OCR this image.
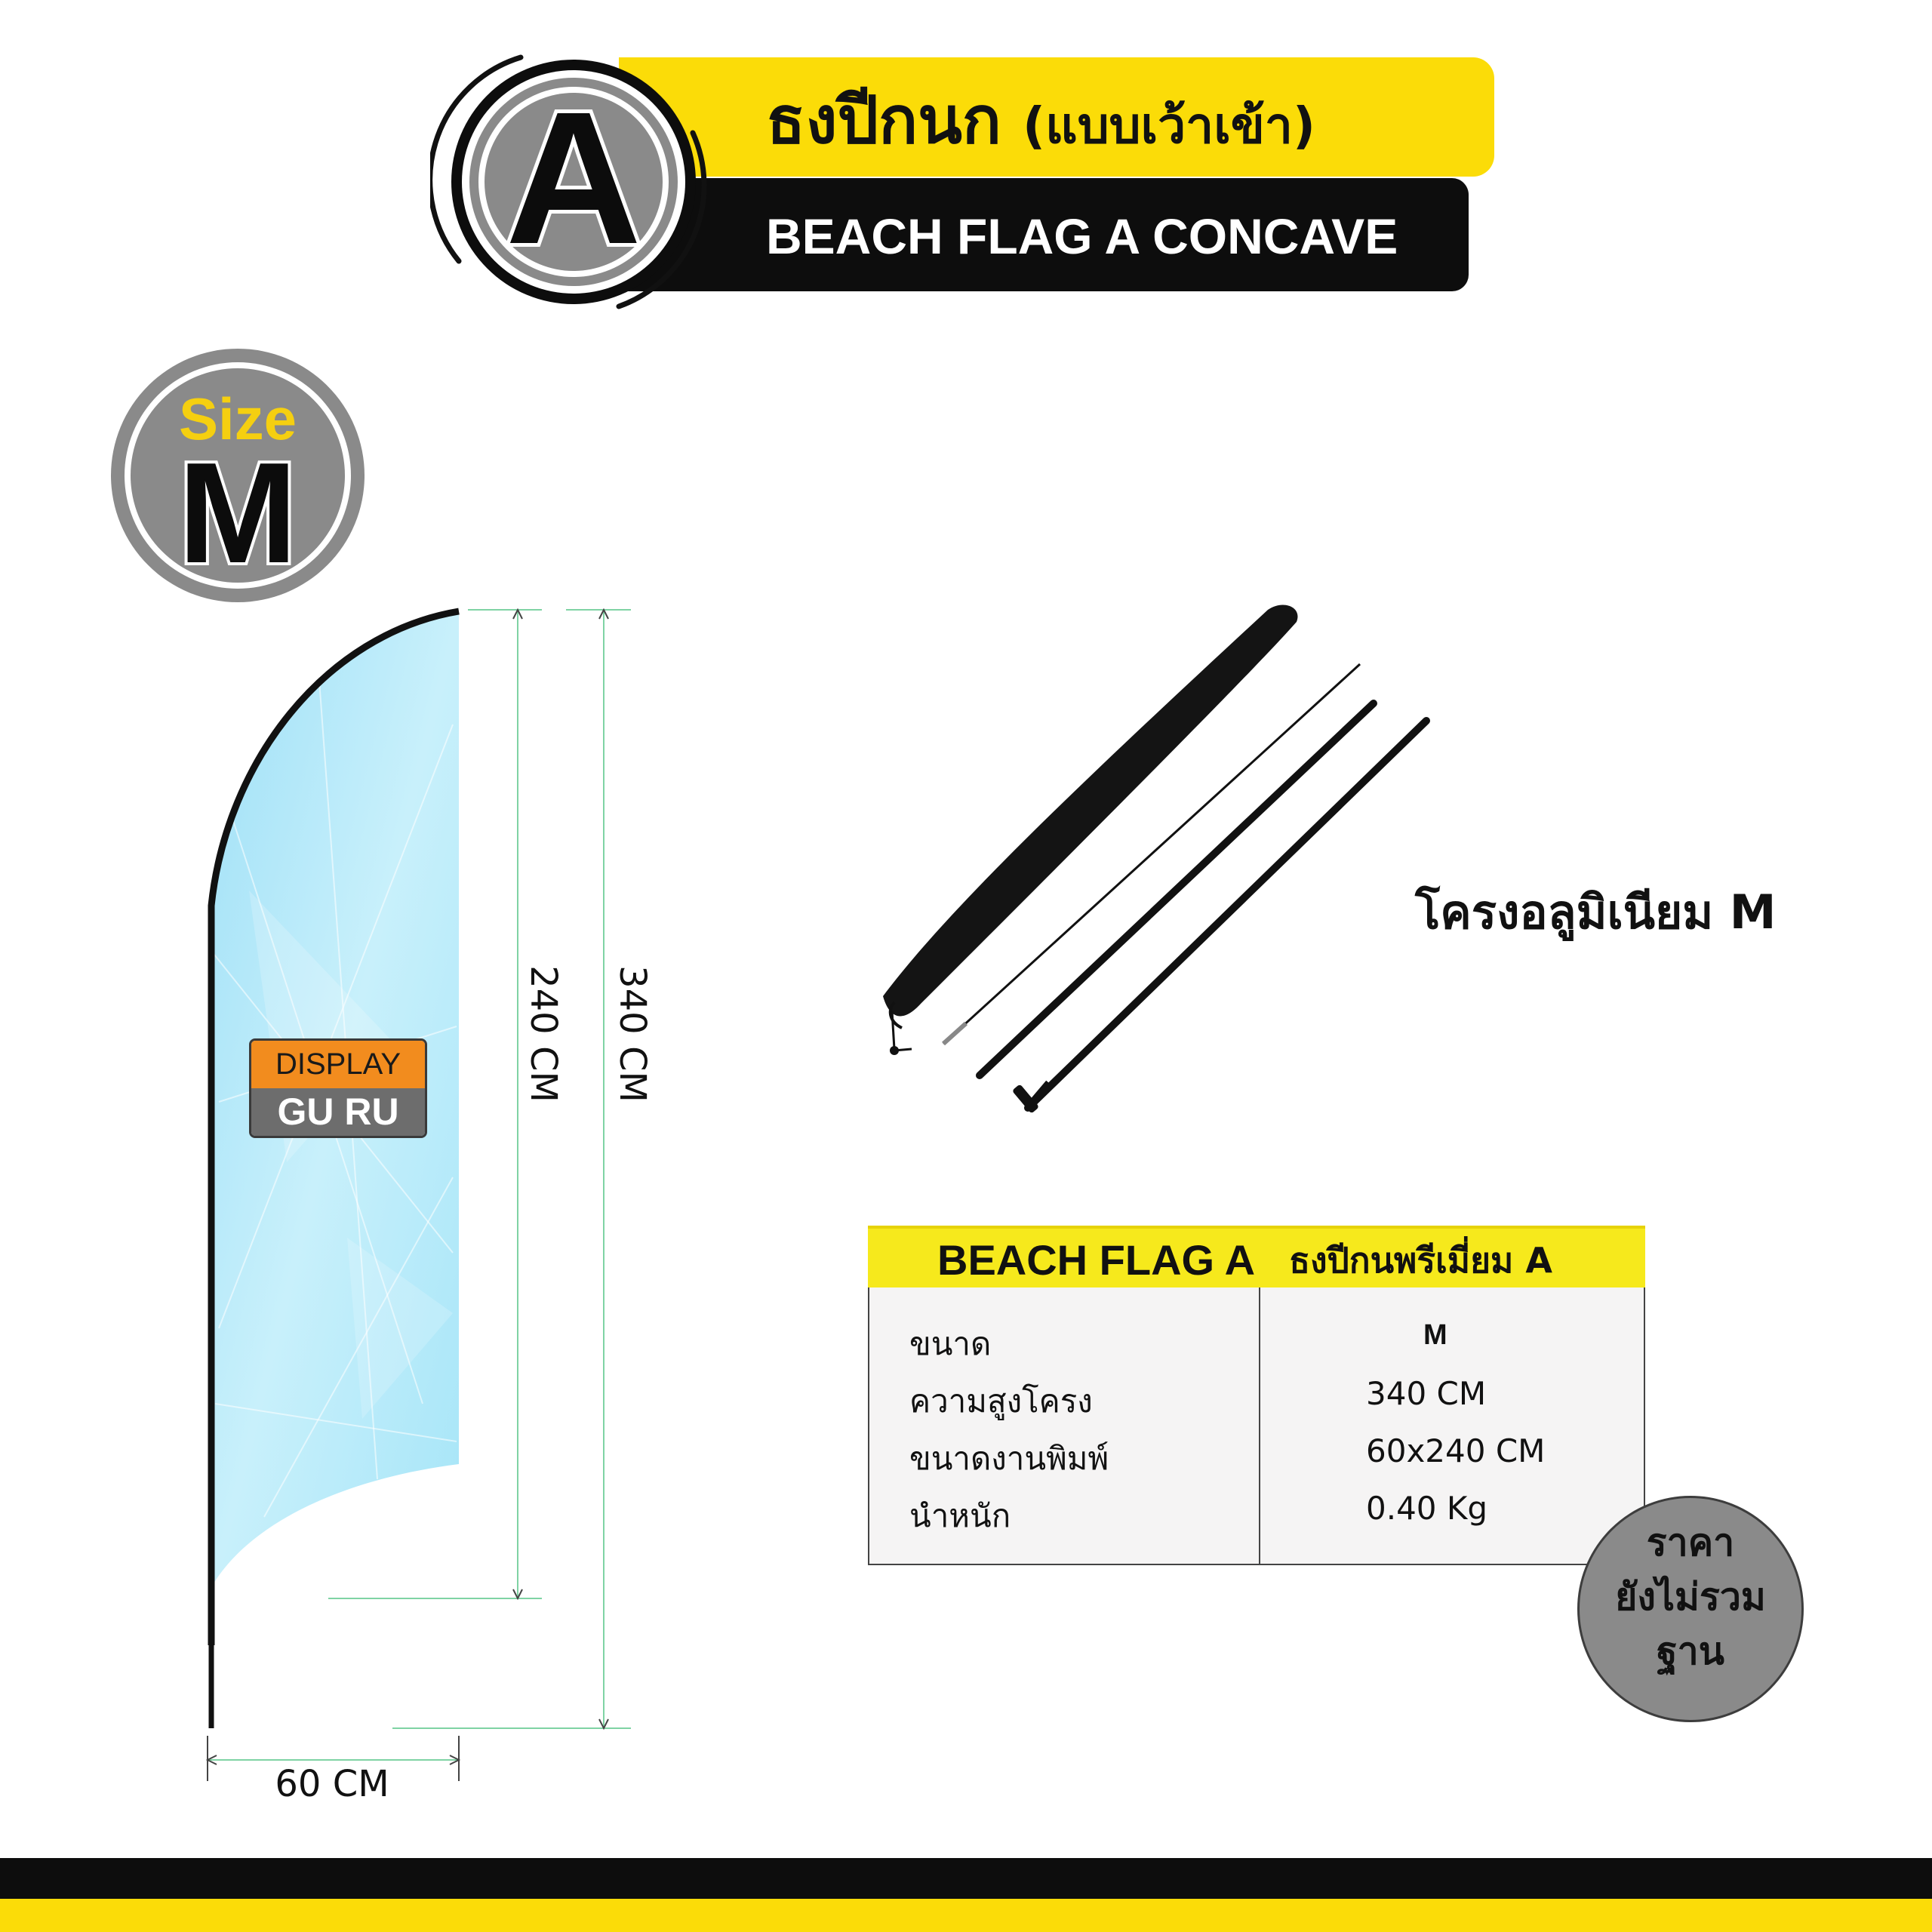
A	ธงปีกนก (แบบเว้าเข้า)
BEACH FLAG A CONCAVE
Size
M
DISPLAY
GU RU
240 CM 340 CM
60 CM
โครงอลูมิเนียม M
BEACH FLAG A ธงปีกนพรีเมี่ยม A
ขนาด	M
ความสูงโครง	340 CM
ขนาดงานพิมพ์	60x240 CM
นำหนัก	0.40 Kg
ราคา
ยังไม่รวม
ฐาน
